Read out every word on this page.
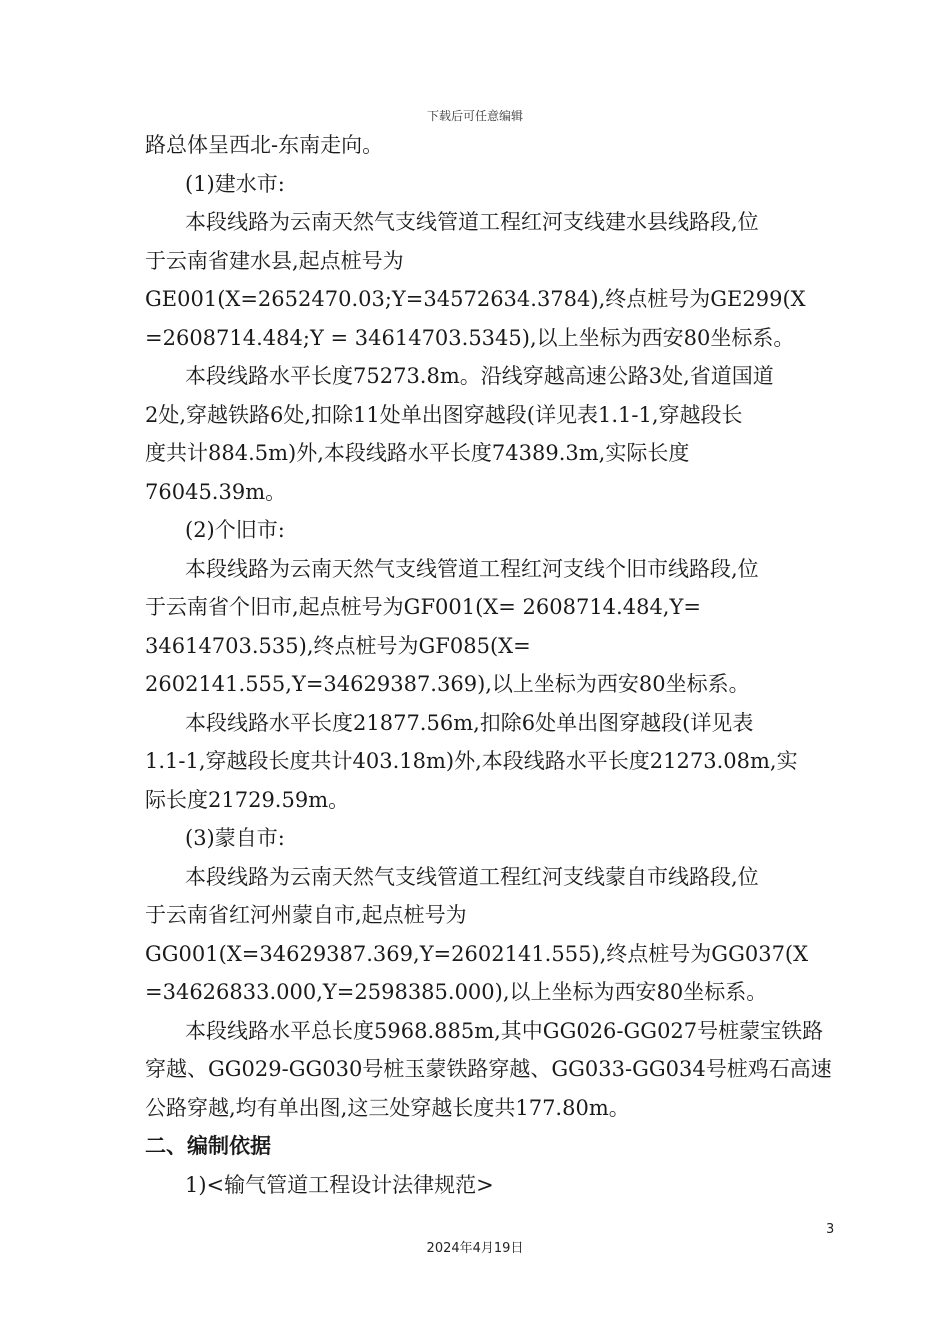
下载后可任意编辑
路总体呈西北-东南走向。
(1)建水市:
本段线路为云南天然气支线管道工程红河支线建水县线路段,位
于云南省建水县,起点桩号为
GE001(X=2652470.03;Y=34572634.3784),终点桩号为GE299(X
=2608714.484;Y = 34614703.5345),以上坐标为西安80坐标系。
本段线路水平长度75273.8m。沿线穿越高速公路3处,省道国道
2处,穿越铁路6处,扣除11处单出图穿越段(详见表1.1-1,穿越段长
度共计884.5m)外,本段线路水平长度74389.3m,实际长度
76045.39m。
(2)个旧市:
本段线路为云南天然气支线管道工程红河支线个旧市线路段,位
于云南省个旧市,起点桩号为GF001(X= 2608714.484,Y=
34614703.535),终点桩号为GF085(X=
2602141.555,Y=34629387.369),以上坐标为西安80坐标系。
本段线路水平长度21877.56m,扣除6处单出图穿越段(详见表
1.1-1,穿越段长度共计403.18m)外,本段线路水平长度21273.08m,实
际长度21729.59m。
(3)蒙自市:
本段线路为云南天然气支线管道工程红河支线蒙自市线路段,位
于云南省红河州蒙自市,起点桩号为
GG001(X=34629387.369,Y=2602141.555),终点桩号为GG037(X
=34626833.000,Y=2598385.000),以上坐标为西安80坐标系。
本段线路水平总长度5968.885m,其中GG026-GG027号桩蒙宝铁路
穿越、GG029-GG030号桩玉蒙铁路穿越、GG033-GG034号桩鸡石高速
公路穿越,均有单出图,这三处穿越长度共177.80m。
二、编制依据
1)<输气管道工程设计法律规范>
3
2024年4月19日
